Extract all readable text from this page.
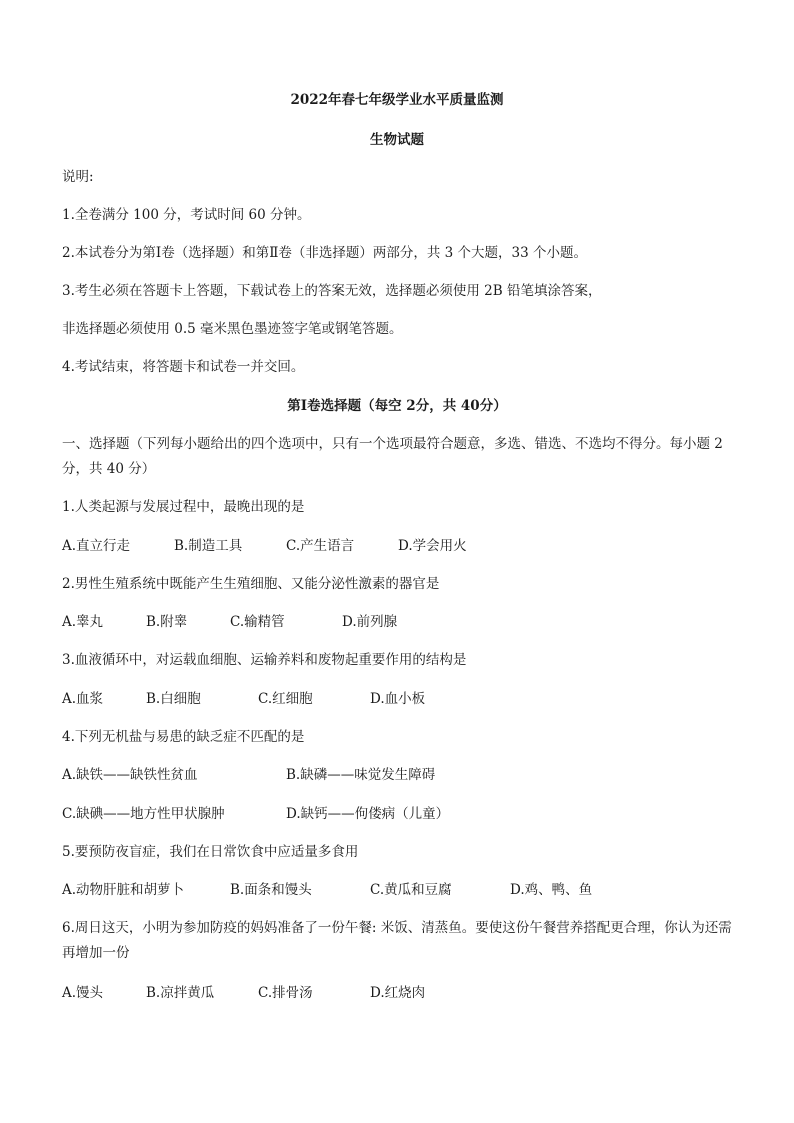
2022年春七年级学业水平质量监测
生物试题
说明:
1.全卷满分 100 分，考试时间 60 分钟。
2.本试卷分为第Ⅰ卷（选择题）和第Ⅱ卷（非选择题）两部分，共 3 个大题，33 个小题。
3.考生必须在答题卡上答题，下载试卷上的答案无效，选择题必须使用 2B 铅笔填涂答案，
非选择题必须使用 0.5 毫米黑色墨迹签字笔或钢笔答题。
4.考试结束，将答题卡和试卷一并交回。
第Ⅰ卷选择题（每空 2分，共 40分）
一、选择题（下列每小题给出的四个选项中，只有一个选项最符合题意，多选、错选、不选均不得分。每小题 2 分，共 40 分）
1.人类起源与发展过程中，最晚出现的是
A.直立行走	B.制造工具	C.产生语言	D.学会用火
2.男性生殖系统中既能产生生殖细胞、又能分泌性激素的器官是
A.睾丸	B.附睾	C.输精管	D.前列腺
3.血液循环中，对运载血细胞、运输养料和废物起重要作用的结构是
A.血浆	B.白细胞	C.红细胞	D.血小板
4.下列无机盐与易患的缺乏症不匹配的是
A.缺铁——缺铁性贫血	B.缺磷——味觉发生障碍
C.缺碘——地方性甲状腺肿	D.缺钙——佝偻病（儿童）
5.要预防夜盲症，我们在日常饮食中应适量多食用
A.动物肝脏和胡萝卜	B.面条和馒头	C.黄瓜和豆腐	D.鸡、鸭、鱼
6.周日这天，小明为参加防疫的妈妈准备了一份午餐: 米饭、清蒸鱼。要使这份午餐营养搭配更合理，你认为还需再增加一份
A.馒头	B.凉拌黄瓜	C.排骨汤	D.红烧肉
